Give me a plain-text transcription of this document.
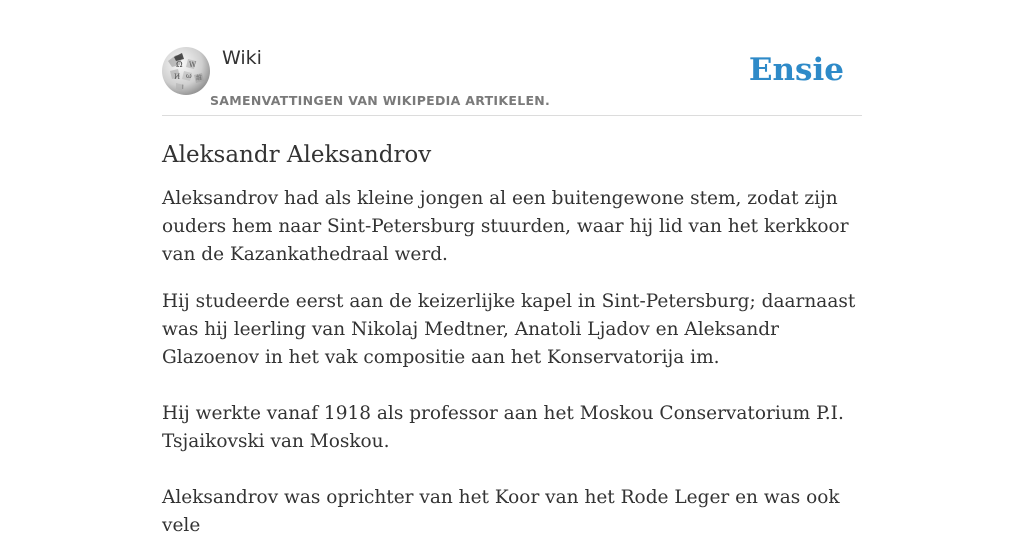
Ω W
И ω 維
ا
Wiki
SAMENVATTINGEN VAN WIKIPEDIA ARTIKELEN.
Ensie
Aleksandr Aleksandrov

Aleksandrov had als kleine jongen al een buitengewone stem, zodat zijn ouders hem naar Sint-Petersburg stuurden, waar hij lid van het kerkkoor van de Kazankathedraal werd.

Hij studeerde eerst aan de keizerlijke kapel in Sint-Petersburg; daarnaast was hij leerling van Nikolaj Medtner, Anatoli Ljadov en Aleksandr Glazoenov in het vak compositie aan het Konservatorija im.

Hij werkte vanaf 1918 als professor aan het Moskou Conservatorium P.I. Tsjaikovski van Moskou.

Aleksandrov was oprichter van het Koor van het Rode Leger en was ook vele
